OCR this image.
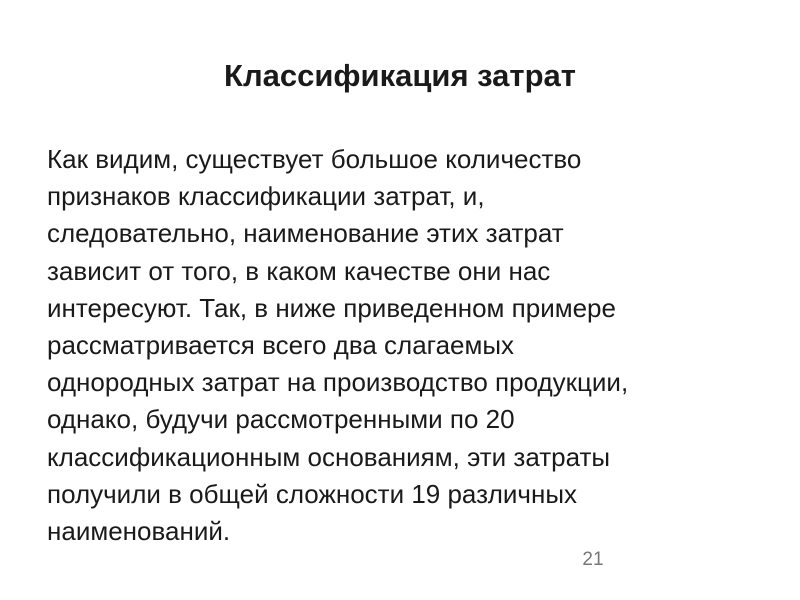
Классификация затрат
Как видим, существует большое количество
признаков классификации затрат, и,
следовательно, наименование этих затрат
зависит от того, в каком качестве они нас
интересуют. Так, в ниже приведенном примере
рассматривается всего два слагаемых
однородных затрат на производство продукции,
однако, будучи рассмотренными по 20
классификационным основаниям, эти затраты
получили в общей сложности 19 различных
наименований.
21
